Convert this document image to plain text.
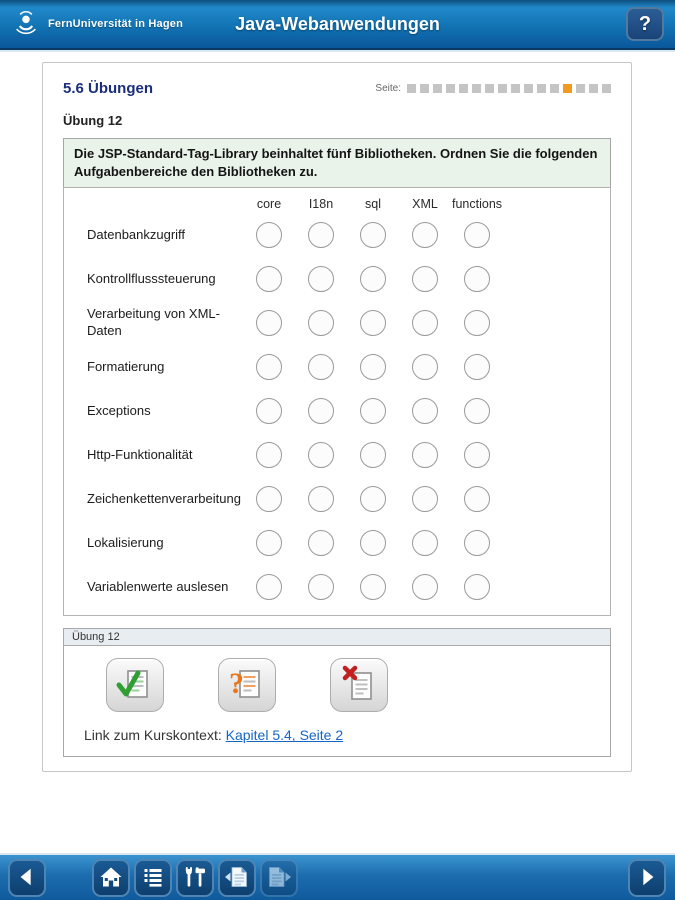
FernUniversität in Hagen	Java-Webanwendungen	?
5.6 Übungen	Seite:
Übung 12
Die JSP-Standard-Tag-Library beinhaltet fünf Bibliotheken. Ordnen Sie die folgenden Aufgabenbereiche den Bibliotheken zu.
core	I18n	sql	XML	functions
Datenbankzugriff
Kontrollflusssteuerung
Verarbeitung von XML-Daten
Formatierung
Exceptions
Http-Funktionalität
Zeichenkettenverarbeitung
Lokalisierung
Variablenwerte auslesen
Übung 12
?
Link zum Kurskontext: Kapitel 5.4, Seite 2
